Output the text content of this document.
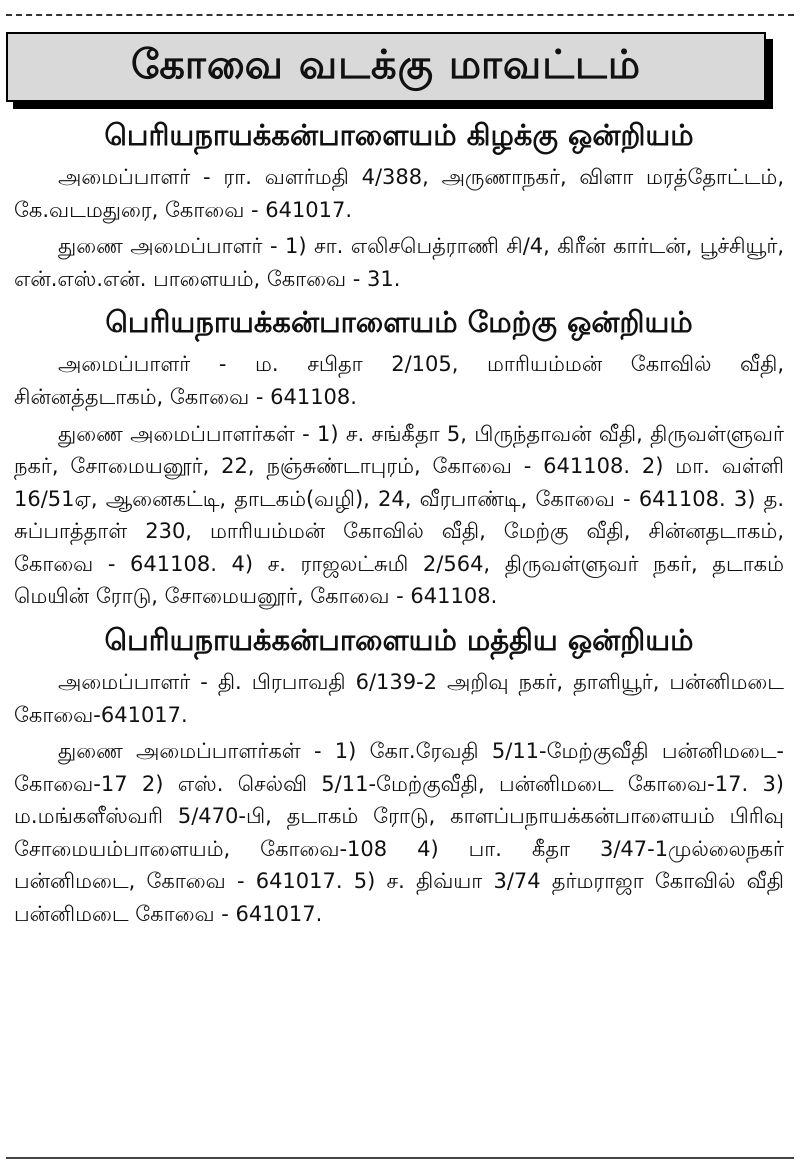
கோவை வடக்கு மாவட்டம்
பெரியநாயக்கன்பாளையம் கிழக்கு ஒன்றியம்

அமைப்பாளர் - ரா. வளர்மதி 4/388, அருணாநகர், விளா மரத்தோட்டம், கே.வடமதுரை, கோவை - 641017.

துணை அமைப்பாளர் - 1) சா. எலிசபெத்ராணி சி/4, கிரீன் கார்டன், பூச்சியூர், என்.எஸ்.என். பாளையம், கோவை - 31.

பெரியநாயக்கன்பாளையம் மேற்கு ஒன்றியம்

அமைப்பாளர் - ம. சபிதா 2/105, மாரியம்மன் கோவில் வீதி, சின்னத்தடாகம், கோவை - 641108.

துணை அமைப்பாளர்கள் - 1) ச. சங்கீதா 5, பிருந்தாவன் வீதி, திருவள்ளுவர் நகர், சோமையனூர், 22, நஞ்சுண்டாபுரம், கோவை - 641108. 2) மா. வள்ளி 16/51ஏ, ஆனைகட்டி, தாடகம்(வழி), 24, வீரபாண்டி, கோவை - 641108. 3) த. சுப்பாத்தாள் 230, மாரியம்மன் கோவில் வீதி, மேற்கு வீதி, சின்னதடாகம், கோவை - 641108. 4) ச. ராஜலட்சுமி 2/564, திருவள்ளுவர் நகர், தடாகம் மெயின் ரோடு, சோமையனூர், கோவை - 641108.

பெரியநாயக்கன்பாளையம் மத்திய ஒன்றியம்

அமைப்பாளர் - தி. பிரபாவதி 6/139-2 அறிவு நகர், தாளியூர், பன்னிமடை கோவை-641017.

துணை அமைப்பாளர்கள் - 1) கோ.ரேவதி 5/11-மேற்குவீதி பன்னிமடை- கோவை-17 2) எஸ். செல்வி 5/11-மேற்குவீதி, பன்னிமடை கோவை-17. 3) ம.மங்களீஸ்வரி 5/470-பி, தடாகம் ரோடு, காளப்பநாயக்கன்பாளையம் பிரிவு சோமையம்பாளையம், கோவை-108 4) பா. கீதா 3/47-1முல்லைநகர் பன்னிமடை, கோவை - 641017. 5) ச. திவ்யா 3/74 தர்மராஜா கோவில் வீதி பன்னிமடை கோவை - 641017.
